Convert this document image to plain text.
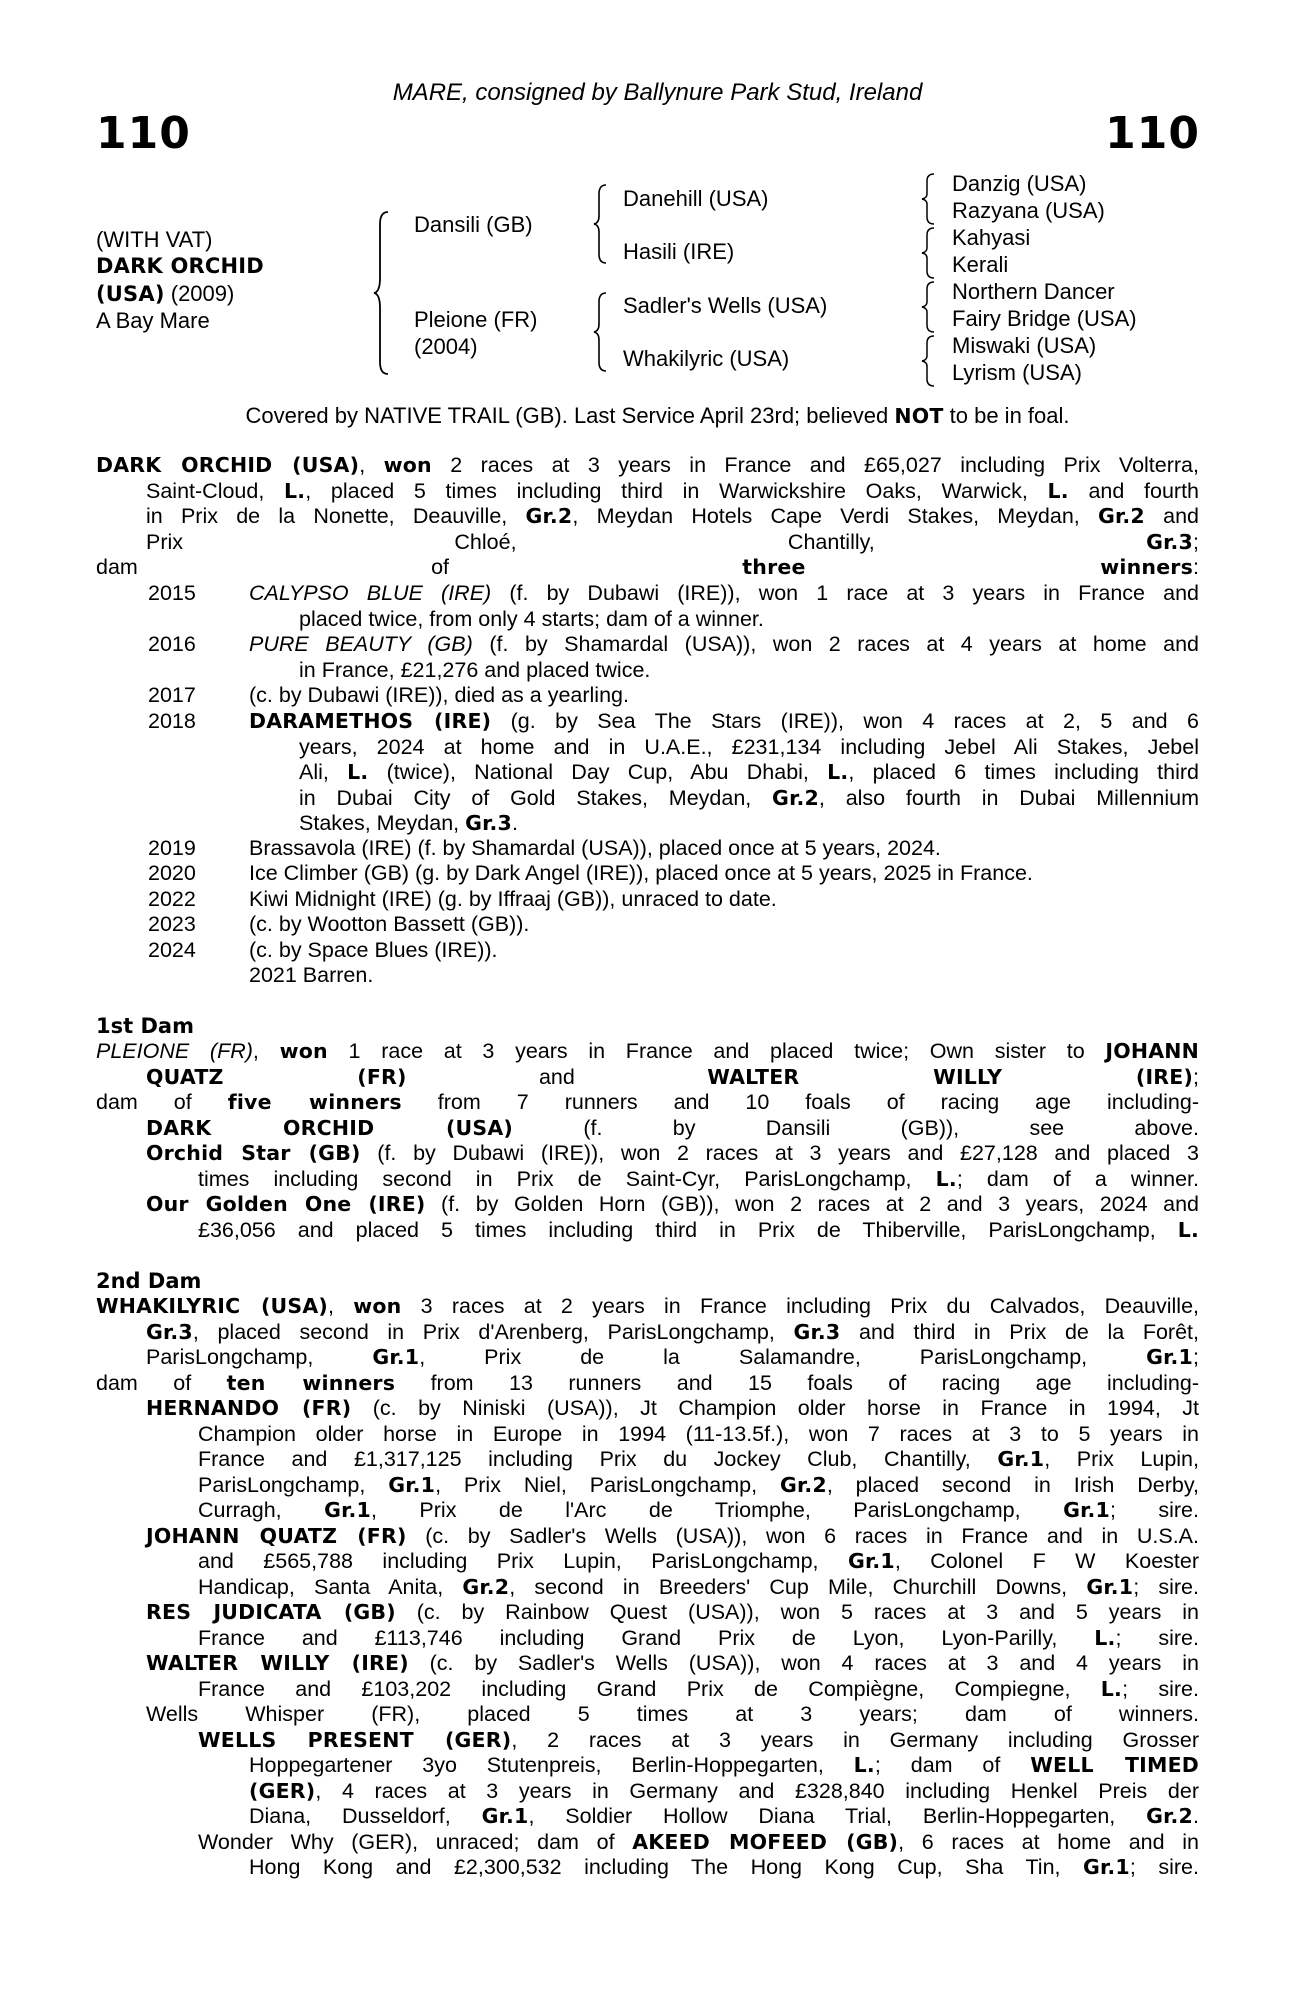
110	110
MARE, consigned by Ballynure Park Stud, Ireland
(WITH VAT)
DARK ORCHID
(USA) (2009)
A Bay Mare
Dansili (GB)
Pleione (FR)
(2004)
Danehill (USA)
Hasili (IRE)
Sadler's Wells (USA)
Whakilyric (USA)
Danzig (USA)
Razyana (USA)
Kahyasi
Kerali
Northern Dancer
Fairy Bridge (USA)
Miswaki (USA)
Lyrism (USA)
Covered by NATIVE TRAIL (GB). Last Service April 23rd; believed NOT to be in foal.
DARK ORCHID (USA), won 2 races at 3 years in France and £65,027 including Prix Volterra,
Saint-Cloud, L., placed 5 times including third in Warwickshire Oaks, Warwick, L. and fourth
in Prix de la Nonette, Deauville, Gr.2, Meydan Hotels Cape Verdi Stakes, Meydan, Gr.2 and
Prix Chloé, Chantilly, Gr.3;
dam of three winners:
2015 CALYPSO BLUE (IRE) (f. by Dubawi (IRE)), won 1 race at 3 years in France and
placed twice, from only 4 starts; dam of a winner.
2016 PURE BEAUTY (GB) (f. by Shamardal (USA)), won 2 races at 4 years at home and
in France, £21,276 and placed twice.
2017 (c. by Dubawi (IRE)), died as a yearling.
2018	DARAMETHOS (IRE) (g. by Sea The Stars (IRE)), won 4 races at 2, 5 and 6
years, 2024 at home and in U.A.E., £231,134 including Jebel Ali Stakes, Jebel
Ali, L. (twice), National Day Cup, Abu Dhabi, L., placed 6 times including third
in Dubai City of Gold Stakes, Meydan, Gr.2, also fourth in Dubai Millennium
Stakes, Meydan, Gr.3.
2019 Brassavola (IRE) (f. by Shamardal (USA)), placed once at 5 years, 2024.
2020 Ice Climber (GB) (g. by Dark Angel (IRE)), placed once at 5 years, 2025 in France.
2022 Kiwi Midnight (IRE) (g. by Iffraaj (GB)), unraced to date.
2023 (c. by Wootton Bassett (GB)).
2024 (c. by Space Blues (IRE)).
2021 Barren.
1st Dam
PLEIONE (FR), won 1 race at 3 years in France and placed twice; Own sister to JOHANN
QUATZ (FR) and WALTER WILLY (IRE);
dam of five winners from 7 runners and 10 foals of racing age including-
DARK ORCHID (USA) (f. by Dansili (GB)), see above.
Orchid Star (GB) (f. by Dubawi (IRE)), won 2 races at 3 years and £27,128 and placed 3
times including second in Prix de Saint-Cyr, ParisLongchamp, L.; dam of a winner.
Our Golden One (IRE) (f. by Golden Horn (GB)), won 2 races at 2 and 3 years, 2024 and
£36,056 and placed 5 times including third in Prix de Thiberville, ParisLongchamp, L.
2nd Dam
WHAKILYRIC (USA), won 3 races at 2 years in France including Prix du Calvados, Deauville,
Gr.3, placed second in Prix d'Arenberg, ParisLongchamp, Gr.3 and third in Prix de la Forêt,
ParisLongchamp, Gr.1, Prix de la Salamandre, ParisLongchamp, Gr.1;
dam of ten winners from 13 runners and 15 foals of racing age including-
HERNANDO (FR) (c. by Niniski (USA)), Jt Champion older horse in France in 1994, Jt
Champion older horse in Europe in 1994 (11-13.5f.), won 7 races at 3 to 5 years in
France and £1,317,125 including Prix du Jockey Club, Chantilly, Gr.1, Prix Lupin,
ParisLongchamp, Gr.1, Prix Niel, ParisLongchamp, Gr.2, placed second in Irish Derby,
Curragh, Gr.1, Prix de l'Arc de Triomphe, ParisLongchamp, Gr.1; sire.
JOHANN QUATZ (FR) (c. by Sadler's Wells (USA)), won 6 races in France and in U.S.A.
and £565,788 including Prix Lupin, ParisLongchamp, Gr.1, Colonel F W Koester
Handicap, Santa Anita, Gr.2, second in Breeders' Cup Mile, Churchill Downs, Gr.1; sire.
RES JUDICATA (GB) (c. by Rainbow Quest (USA)), won 5 races at 3 and 5 years in
France and £113,746 including Grand Prix de Lyon, Lyon-Parilly, L.; sire.
WALTER WILLY (IRE) (c. by Sadler's Wells (USA)), won 4 races at 3 and 4 years in
France and £103,202 including Grand Prix de Compiègne, Compiegne, L.; sire.
Wells Whisper (FR), placed 5 times at 3 years; dam of winners.
WELLS PRESENT (GER), 2 races at 3 years in Germany including Grosser
Hoppegartener 3yo Stutenpreis, Berlin-Hoppegarten, L.; dam of WELL TIMED
(GER), 4 races at 3 years in Germany and £328,840 including Henkel Preis der
Diana, Dusseldorf, Gr.1, Soldier Hollow Diana Trial, Berlin-Hoppegarten, Gr.2.
Wonder Why (GER), unraced; dam of AKEED MOFEED (GB), 6 races at home and in
Hong Kong and £2,300,532 including The Hong Kong Cup, Sha Tin, Gr.1; sire.
